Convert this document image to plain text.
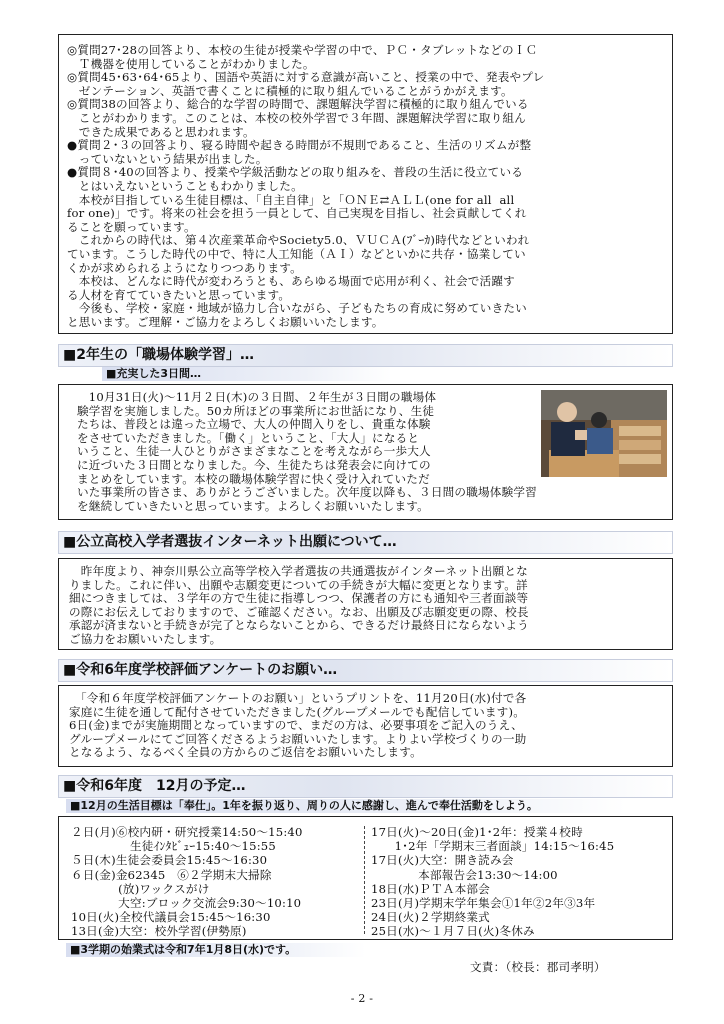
◎質問27･28の回答より、本校の生徒が授業や学習の中で、ＰＣ・タブレットなどのＩＣ
　Ｔ機器を使用していることがわかりました。
◎質問45･63･64･65より、国語や英語に対する意識が高いこと、授業の中で、発表やプレ
　ゼンテーション、英語で書くことに積極的に取り組んでいることがうかがえます。
◎質問38の回答より、総合的な学習の時間で、課題解決学習に積極的に取り組んでいる
　ことがわかります。このことは、本校の校外学習で３年間、課題解決学習に取り組ん
　できた成果であると思われます。
●質問２･３の回答より、寝る時間や起きる時間が不規則であること、生活のリズムが整
　っていないという結果が出ました。
●質問８･40の回答より、授業や学級活動などの取り組みを、普段の生活に役立ている
　とはいえないということもわかりました。
　本校が目指している生徒目標は、「自主自律」と「ＯＮＥ⇄ＡＬＬ(one for all  all
for one)」です。将来の社会を担う一員として、自己実現を目指し、社会貢献してくれ
ることを願っています。
　これからの時代は、第４次産業革命やSociety5.0、ＶＵＣＡ(ﾌﾞｰｶ)時代などといわれ
ています。こうした時代の中で、特に人工知能（ＡＩ）などといかに共存・協業してい
くかが求められるようになりつつあります。
　本校は、どんなに時代が変わろうとも、あらゆる場面で応用が利く、社会で活躍す
る人材を育てていきたいと思っています。
　今後も、学校・家庭・地域が協力し合いながら、子どもたちの育成に努めていきたい
と思います。ご理解・ご協力をよろしくお願いいたします。
■2年生の「職場体験学習」…
■充実した3日間…
　10月31日(火)～11月２日(木)の３日間、２年生が３日間の職場体
験学習を実施しました。50カ所ほどの事業所にお世話になり、生徒
たちは、普段とは違った立場で、大人の仲間入りをし、貴重な体験
をさせていただきました。「働く」ということ、「大人」になると
いうこと、生徒一人ひとりがさまざまなことを考えながら一歩大人
に近づいた３日間となりました。今、生徒たちは発表会に向けての
まとめをしています。本校の職場体験学習に快く受け入れていただ
いた事業所の皆さま、ありがとうございました。次年度以降も、３日間の職場体験学習
を継続していきたいと思っています。よろしくお願いいたします。
■公立高校入学者選抜インターネット出願について…
　昨年度より、神奈川県公立高等学校入学者選抜の共通選抜がインターネット出願とな
りました。これに伴い、出願や志願変更についての手続きが大幅に変更となります。詳
細につきましては、３学年の方で生徒に指導しつつ、保護者の方にも通知や三者面談等
の際にお伝えしておりますので、ご確認ください。なお、出願及び志願変更の際、校長
承認が済まないと手続きが完了とならないことから、できるだけ最終日にならないよう
ご協力をお願いいたします。
■令和6年度学校評価アンケートのお願い…
　「令和６年度学校評価アンケートのお願い」というプリントを、11月20日(水)付で各
家庭に生徒を通して配付させていただきました(グループメールでも配信しています)。
6日(金)までが実施期間となっていますので、まだの方は、必要事項をご記入のうえ、
グループメールにてご回答くださるようお願いいたします。よりよい学校づくりの一助
となるよう、なるべく全員の方からのご返信をお願いいたします。
■令和6年度　12月の予定…
■12月の生活目標は「奉仕」。1年を振り返り、周りの人に感謝し、進んで奉仕活動をしよう。
２日(月)⑥校内研・研究授業14:50～15:40
　　　　　生徒ｲﾝﾀﾋﾞｭｰ15:40～15:55
５日(木)生徒会委員会15:45～16:30
６日(金)金62345　⑥２学期末大掃除
　　　　(放)ワックスがけ
　　　　大空:ブロック交流会9:30～10:10
10日(火)全校代議員会15:45～16:30
13日(金)大空：校外学習(伊勢原)
17日(火)～20日(金)1･2年：授業４校時
　　1･2年「学期末三者面談」14:15～16:45
17日(火)大空：開き読み会
　　　　本部報告会13:30～14:00
18日(水)ＰＴＡ本部会
23日(月)学期末学年集会①1年②2年③3年
24日(火)２学期終業式
25日(水)～１月７日(火)冬休み
■3学期の始業式は令和7年1月8日(水)です。
文責：（校長：郡司孝明）
- 2 -
